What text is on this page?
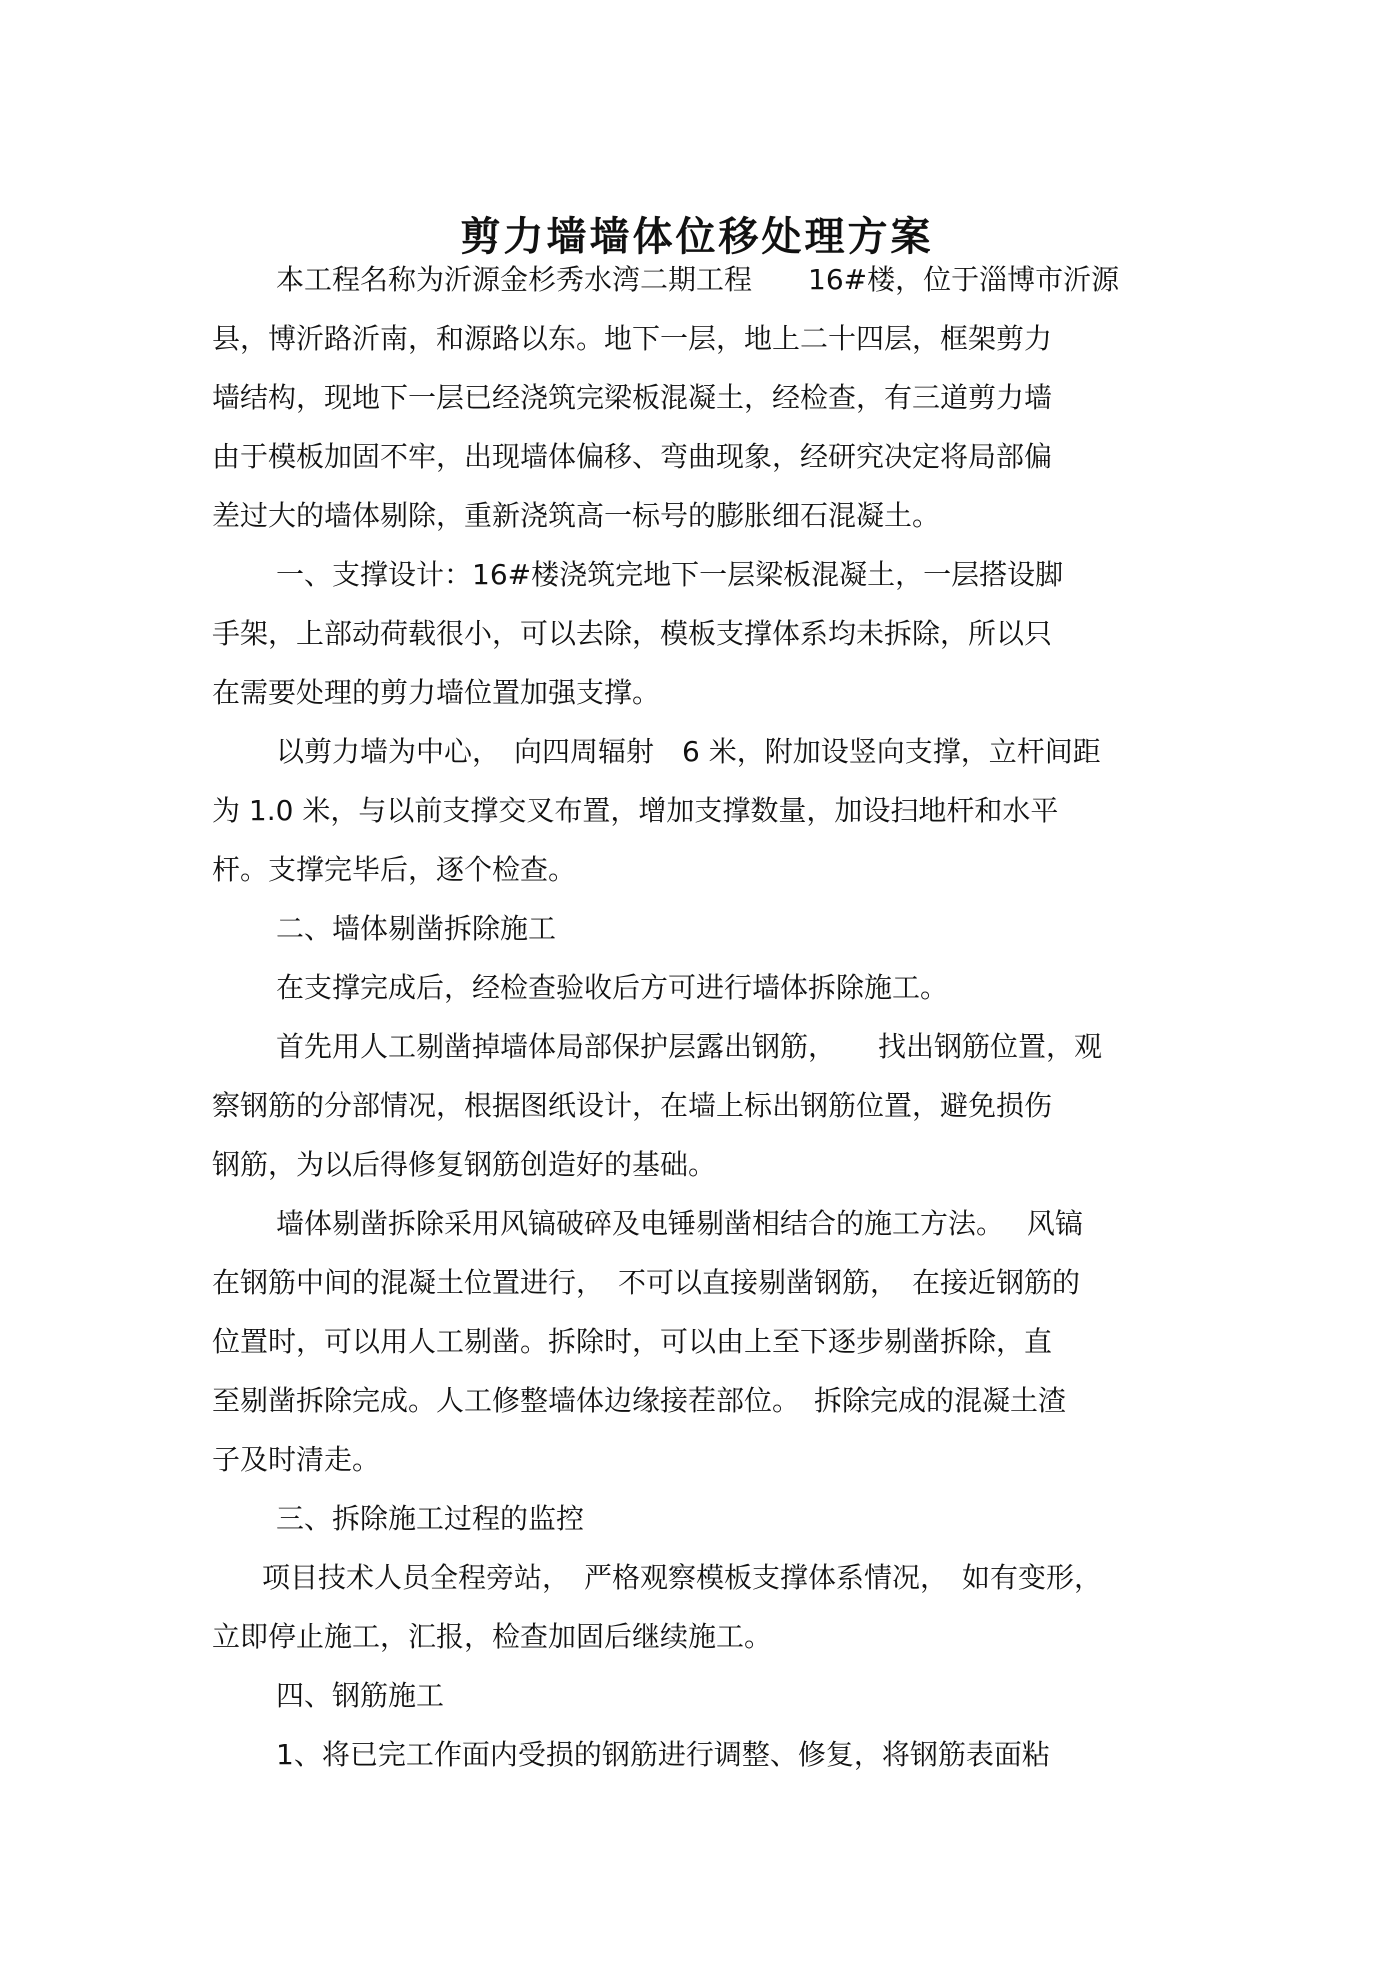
剪力墙墙体位移处理方案
本工程名称为沂源金杉秀水湾二期工程　　16#楼，位于淄博市沂源
县，博沂路沂南，和源路以东。地下一层，地上二十四层，框架剪力
墙结构，现地下一层已经浇筑完梁板混凝土，经检查，有三道剪力墙
由于模板加固不牢，出现墙体偏移、弯曲现象，经研究决定将局部偏
差过大的墙体剔除，重新浇筑高一标号的膨胀细石混凝土。
一、支撑设计：16#楼浇筑完地下一层梁板混凝土，一层搭设脚
手架，上部动荷载很小，可以去除，模板支撑体系均未拆除，所以只
在需要处理的剪力墙位置加强支撑。
以剪力墙为中心，　向四周辐射　6 米，附加设竖向支撑，立杆间距
为 1.0 米，与以前支撑交叉布置，增加支撑数量，加设扫地杆和水平
杆。支撑完毕后，逐个检查。
二、墙体剔凿拆除施工
在支撑完成后，经检查验收后方可进行墙体拆除施工。
首先用人工剔凿掉墙体局部保护层露出钢筋，　　找出钢筋位置，观
察钢筋的分部情况，根据图纸设计，在墙上标出钢筋位置，避免损伤
钢筋，为以后得修复钢筋创造好的基础。
墙体剔凿拆除采用风镐破碎及电锤剔凿相结合的施工方法。　 风镐
在钢筋中间的混凝土位置进行，　不可以直接剔凿钢筋，　在接近钢筋的
位置时，可以用人工剔凿。拆除时，可以由上至下逐步剔凿拆除，直
至剔凿拆除完成。人工修整墙体边缘接茬部位。　拆除完成的混凝土渣
子及时清走。
三、拆除施工过程的监控
项目技术人员全程旁站，　严格观察模板支撑体系情况，　如有变形，
立即停止施工，汇报，检查加固后继续施工。
四、钢筋施工
1、将已完工作面内受损的钢筋进行调整、修复，将钢筋表面粘
